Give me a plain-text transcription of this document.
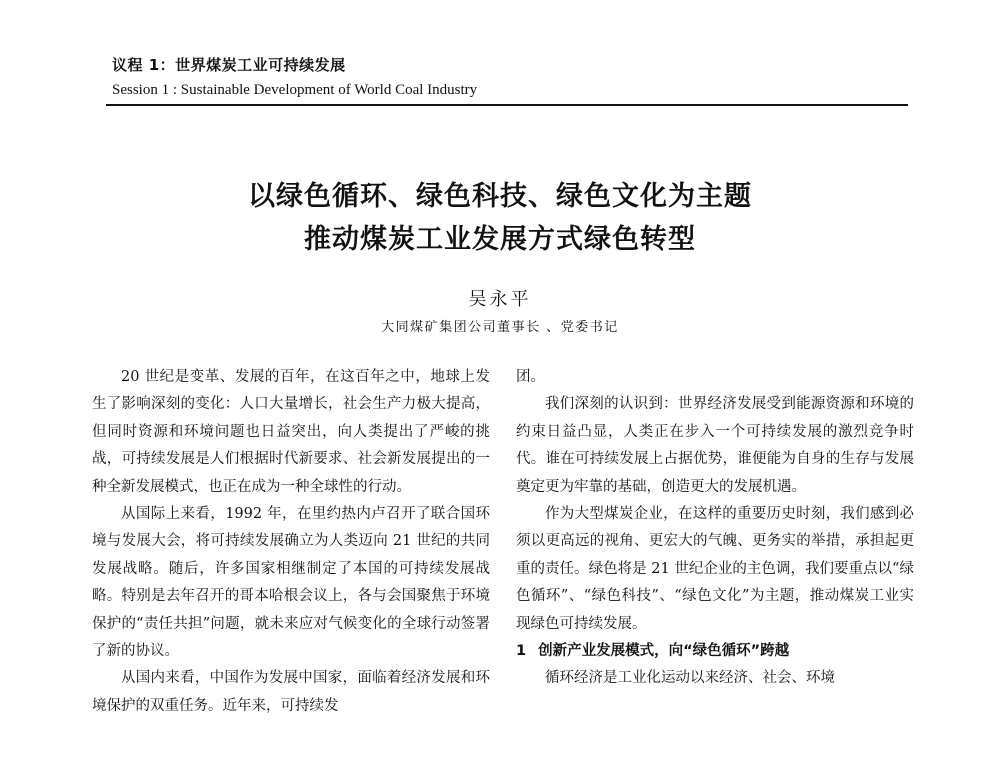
议程 1：世界煤炭工业可持续发展
Session 1 : Sustainable Development of World Coal Industry
以绿色循环、绿色科技、绿色文化为主题
推动煤炭工业发展方式绿色转型
吴永平
大同煤矿集团公司董事长 、党委书记

20 世纪是变革、发展的百年，在这百年之中，地球上发生了影响深刻的变化：人口大量增长，社会生产力极大提高，但同时资源和环境问题也日益突出，向人类提出了严峻的挑战，可持续发展是人们根据时代新要求、社会新发展提出的一种全新发展模式，也正在成为一种全球性的行动。

从国际上来看，1992 年，在里约热内卢召开了联合国环境与发展大会，将可持续发展确立为人类迈向 21 世纪的共同发展战略。随后，许多国家相继制定了本国的可持续发展战略。特别是去年召开的哥本哈根会议上，各与会国聚焦于环境保护的“责任共担”问题，就未来应对气候变化的全球行动签署了新的协议。

从国内来看，中国作为发展中国家，面临着经济发展和环境保护的双重任务。近年来，可持续发

团。

我们深刻的认识到：世界经济发展受到能源资源和环境的约束日益凸显，人类正在步入一个可持续发展的激烈竞争时代。谁在可持续发展上占据优势，谁便能为自身的生存与发展奠定更为牢靠的基础，创造更大的发展机遇。

作为大型煤炭企业，在这样的重要历史时刻，我们感到必须以更高远的视角、更宏大的气魄、更务实的举措，承担起更重的责任。绿色将是 21 世纪企业的主色调，我们要重点以“绿色循环”、“绿色科技”、“绿色文化”为主题，推动煤炭工业实现绿色可持续发展。

1 创新产业发展模式，向“绿色循环”跨越

循环经济是工业化运动以来经济、社会、环境
